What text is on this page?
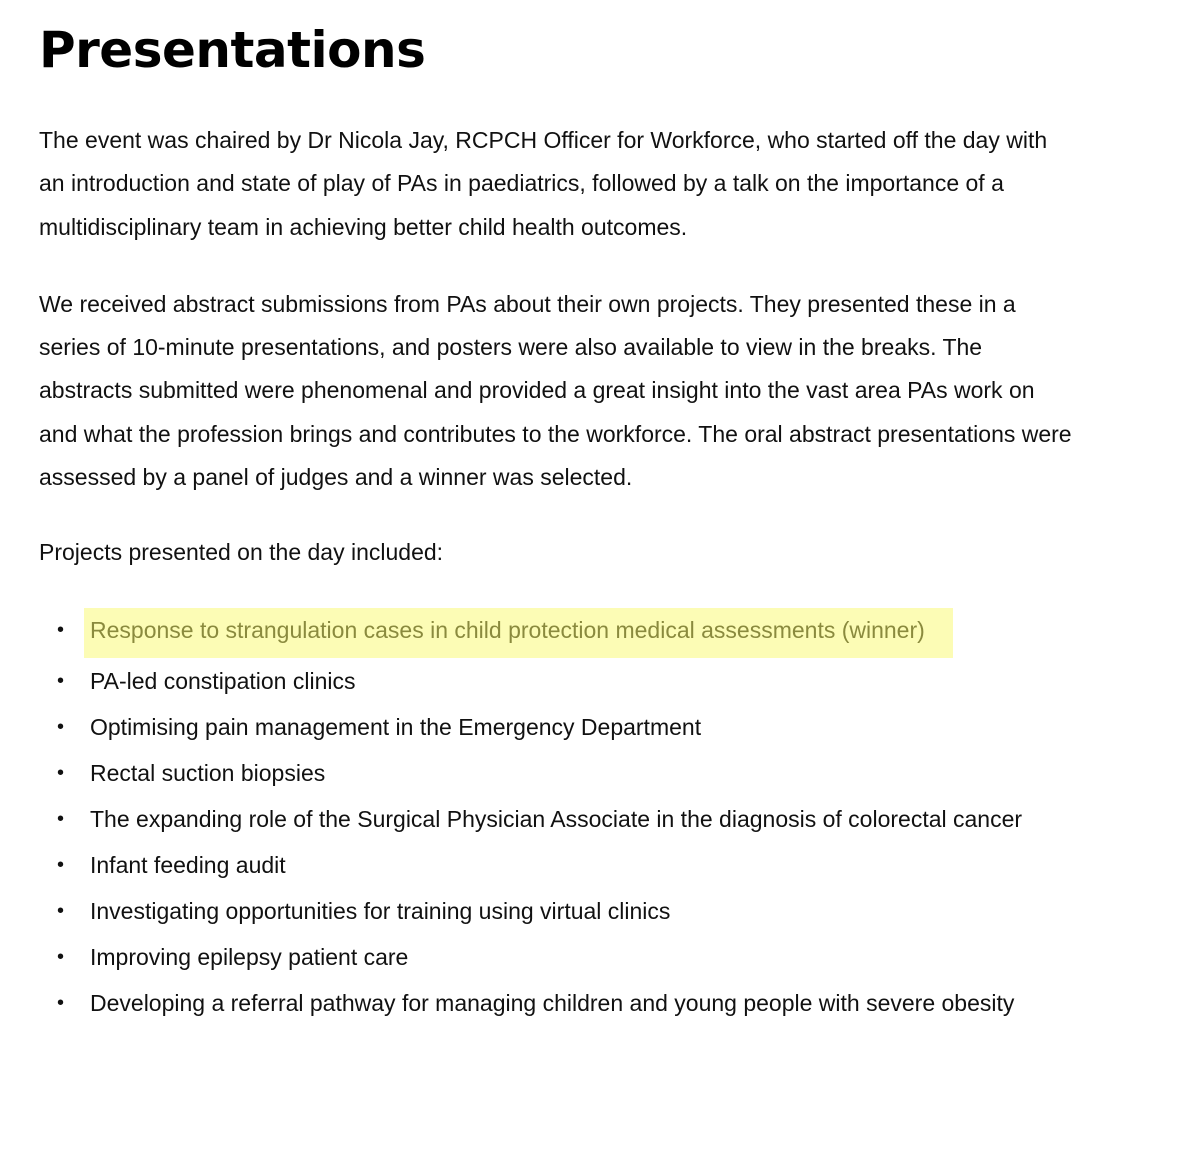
Presentations

The event was chaired by Dr Nicola Jay, RCPCH Officer for Workforce, who started off the day with an introduction and state of play of PAs in paediatrics, followed by a talk on the importance of a multidisciplinary team in achieving better child health outcomes.

We received abstract submissions from PAs about their own projects. They presented these in a series of 10-minute presentations, and posters were also available to view in the breaks. The abstracts submitted were phenomenal and provided a great insight into the vast area PAs work on and what the profession brings and contributes to the workforce. The oral abstract presentations were assessed by a panel of judges and a winner was selected.

Projects presented on the day included:

• Response to strangulation cases in child protection medical assessments (winner)
• PA-led constipation clinics
• Optimising pain management in the Emergency Department
• Rectal suction biopsies
• The expanding role of the Surgical Physician Associate in the diagnosis of colorectal cancer
• Infant feeding audit
• Investigating opportunities for training using virtual clinics
• Improving epilepsy patient care
• Developing a referral pathway for managing children and young people with severe obesity
